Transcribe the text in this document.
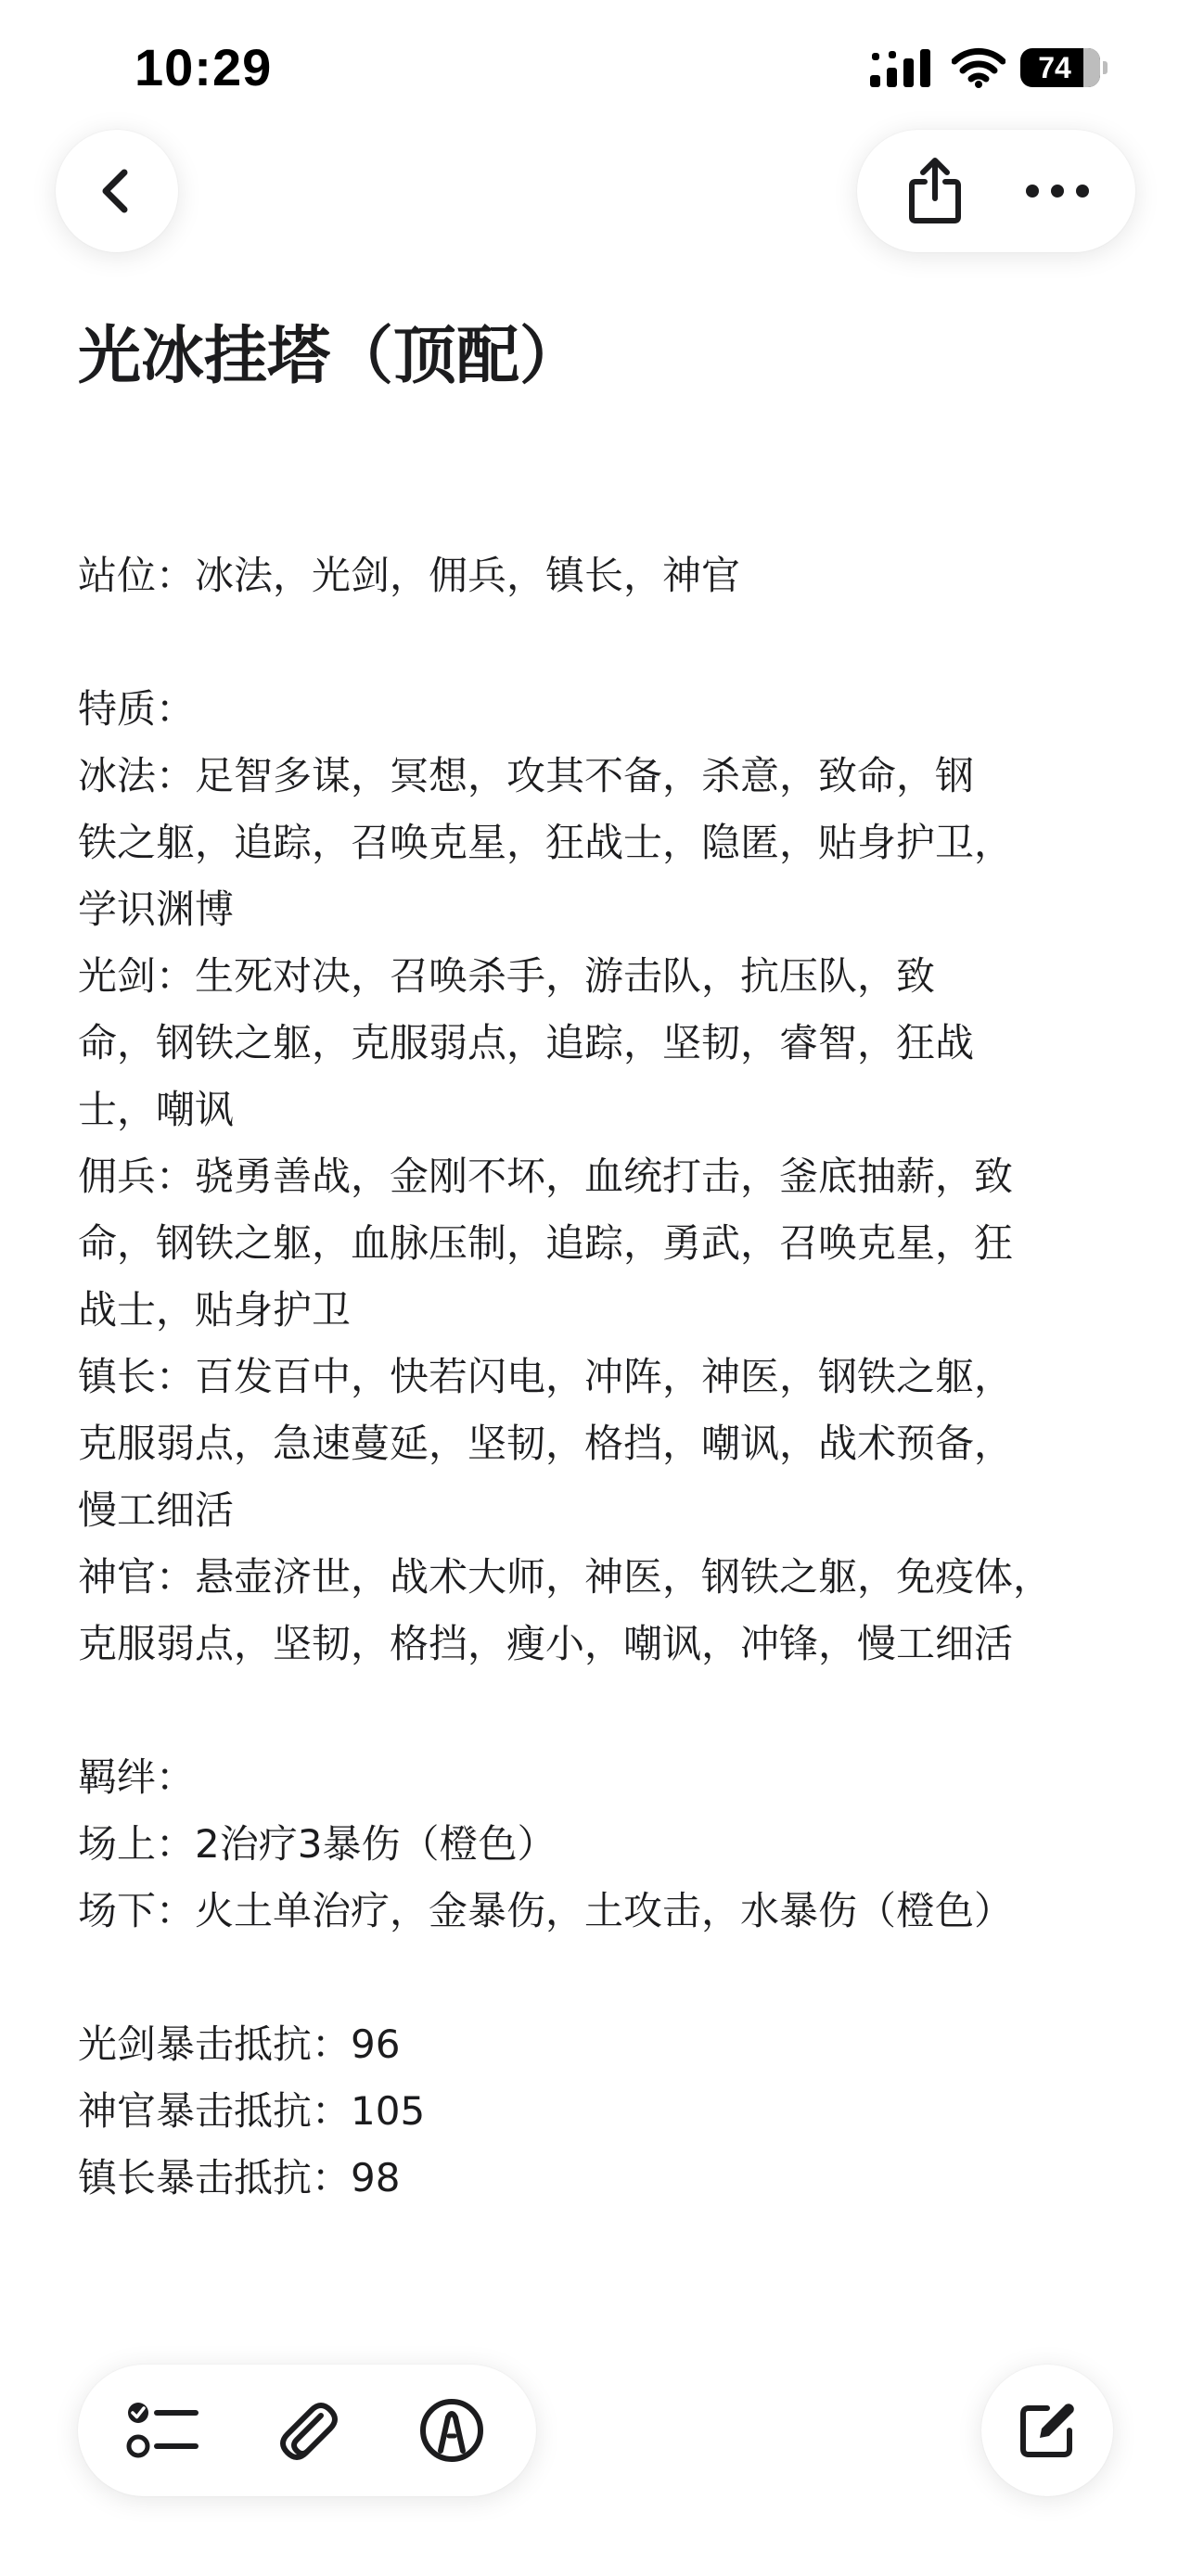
10:29	74
光冰挂塔（顶配）
站位：冰法，光剑，佣兵，镇长，神官
特质：
冰法：足智多谋，冥想，攻其不备，杀意，致命，钢
铁之躯，追踪，召唤克星，狂战士，隐匿，贴身护卫，
学识渊博
光剑：生死对决，召唤杀手，游击队，抗压队，致
命，钢铁之躯，克服弱点，追踪，坚韧，睿智，狂战
士，嘲讽
佣兵：骁勇善战，金刚不坏，血统打击，釜底抽薪，致
命，钢铁之躯，血脉压制，追踪，勇武，召唤克星，狂
战士，贴身护卫
镇长：百发百中，快若闪电，冲阵，神医，钢铁之躯，
克服弱点，急速蔓延，坚韧，格挡，嘲讽，战术预备，
慢工细活
神官：悬壶济世，战术大师，神医，钢铁之躯，免疫体，
克服弱点，坚韧，格挡，瘦小，嘲讽，冲锋，慢工细活
羁绊：
场上：2治疗3暴伤（橙色）
场下：火土单治疗，金暴伤，土攻击，水暴伤（橙色）
光剑暴击抵抗：96
神官暴击抵抗：105
镇长暴击抵抗：98
